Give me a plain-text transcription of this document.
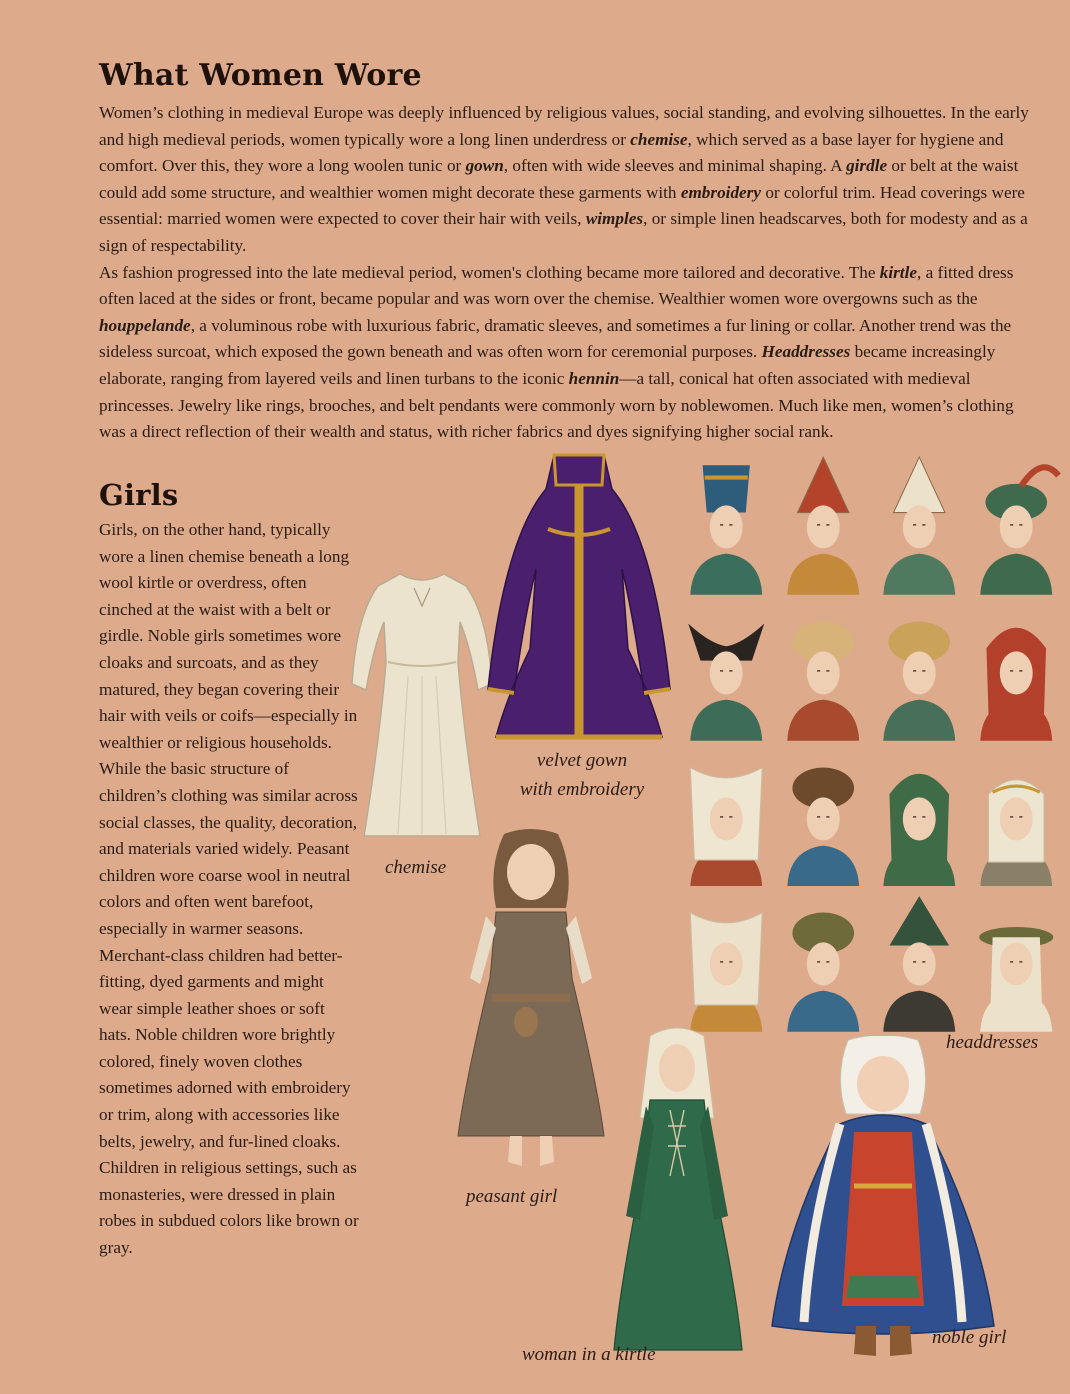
What Women Wore

Women’s clothing in medieval Europe was deeply influenced by religious values, social standing, and evolving silhouettes. In the early and high medieval periods, women typically wore a long linen underdress or chemise, which served as a base layer for hygiene and comfort. Over this, they wore a long woolen tunic or gown, often with wide sleeves and minimal shaping. A girdle or belt at the waist could add some structure, and wealthier women might decorate these garments with embroidery or colorful trim. Head coverings were essential: married women were expected to cover their hair with veils, wimples, or simple linen headscarves, both for modesty and as a sign of respectability.

As fashion progressed into the late medieval period, women's clothing became more tailored and decorative. The kirtle, a fitted dress often laced at the sides or front, became popular and was worn over the chemise. Wealthier women wore overgowns such as the houppelande, a voluminous robe with luxurious fabric, dramatic sleeves, and sometimes a fur lining or collar. Another trend was the sideless surcoat, which exposed the gown beneath and was often worn for ceremonial purposes. Headdresses became increasingly elaborate, ranging from layered veils and linen turbans to the iconic hennin—a tall, conical hat often associated with medieval princesses. Jewelry like rings, brooches, and belt pendants were commonly worn by noblewomen. Much like men, women’s clothing was a direct reflection of their wealth and status, with richer fabrics and dyes signifying higher social rank.

Girls

Girls, on the other hand, typically wore a linen chemise beneath a long wool kirtle or overdress, often cinched at the waist with a belt or girdle. Noble girls sometimes wore cloaks and surcoats, and as they matured, they began covering their hair with veils or coifs—especially in wealthier or religious households. While the basic structure of children’s clothing was similar across social classes, the quality, decoration, and materials varied widely. Peasant children wore coarse wool in neutral colors and often went barefoot, especially in warmer seasons. Merchant-class children had better-fitting, dyed garments and might wear simple leather shoes or soft hats. Noble children wore brightly colored, finely woven clothes sometimes adorned with embroidery or trim, along with accessories like belts, jewelry, and fur-lined cloaks. Children in religious settings, such as monasteries, were dressed in plain robes in subdued colors like brown or gray.

velvet gown
with embroidery
chemise
headdresses
peasant girl
woman in a kirtle
noble girl
